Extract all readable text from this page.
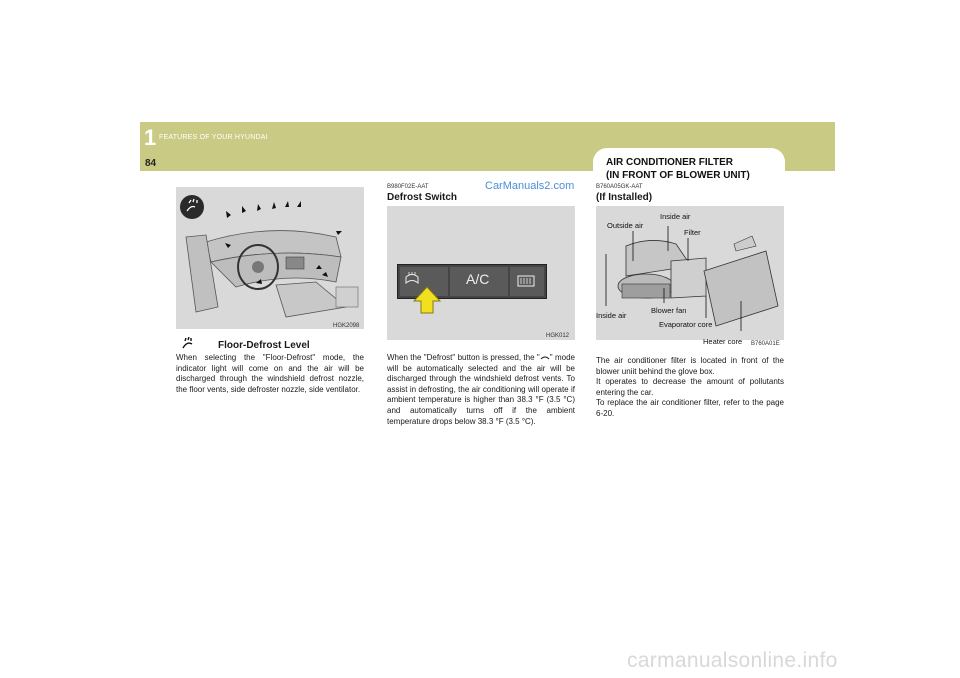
1 FEATURES OF YOUR HYUNDAI
84	AIR CONDITIONER FILTER
(IN FRONT OF BLOWER UNIT)
HGK2098
Floor-Defrost Level
When selecting the "Floor-Defrost" mode, the indicator light will come on and the air will be discharged through the windshield defrost nozzle, the floor vents, side defroster nozzle, side ventilator.
B980F02E-AAT
Defrost Switch
CarManuals2.com
A/C
HGK012
When the "Defrost" button is pressed, the " " mode will be automatically selected and the air will be discharged through the windshield defrost vents. To assist in defrosting, the air conditioning will operate if ambient temperature is higher than 38.3 °F (3.5 °C) and automatically turns off if the ambient temperature drops below 38.3 °F (3.5 °C).
B760A05GK-AAT
(If Installed)
Inside air
Outside air
Filter
Inside air
Blower fan
Evaporator core
Heater core B760A01E
The air conditioner filter is located in front of the blower uniit behind the glove box.
It operates to decrease the amount of pollutants entering the car.
To replace the air conditioner filter, refer to the page 6-20.
carmanualsonline.info
